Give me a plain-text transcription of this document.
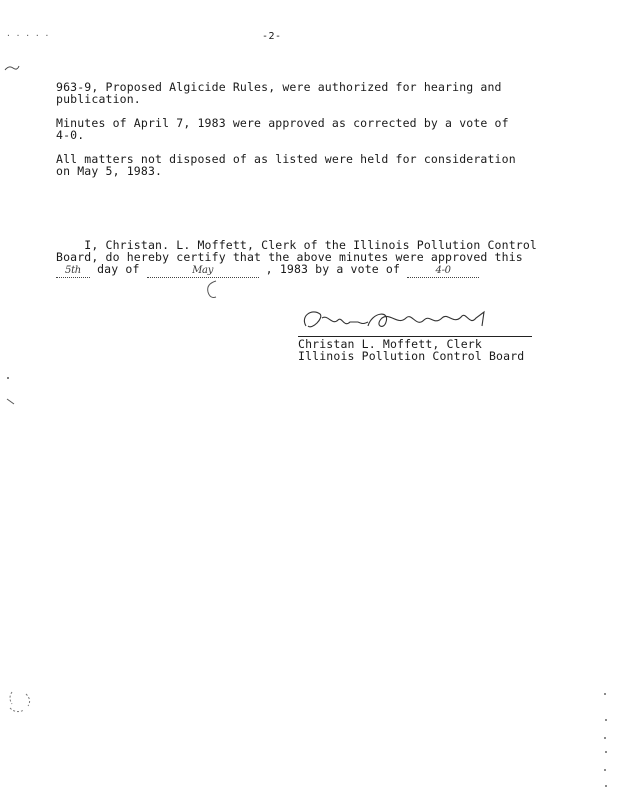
. . . . .	-2-
963-9, Proposed Algicide Rules, were authorized for hearing and
publication.
Minutes of April 7, 1983 were approved as corrected by a vote of
4-0.
All matters not disposed of as listed were held for consideration
on May 5, 1983.
I, Christan. L. Moffett, Clerk of the Illinois Pollution Control
Board, do hereby certify that the above minutes were approved this
5th day of	May	, 1983 by a vote of	4-0
Christan L. Moffett, Clerk
Illinois Pollution Control Board
